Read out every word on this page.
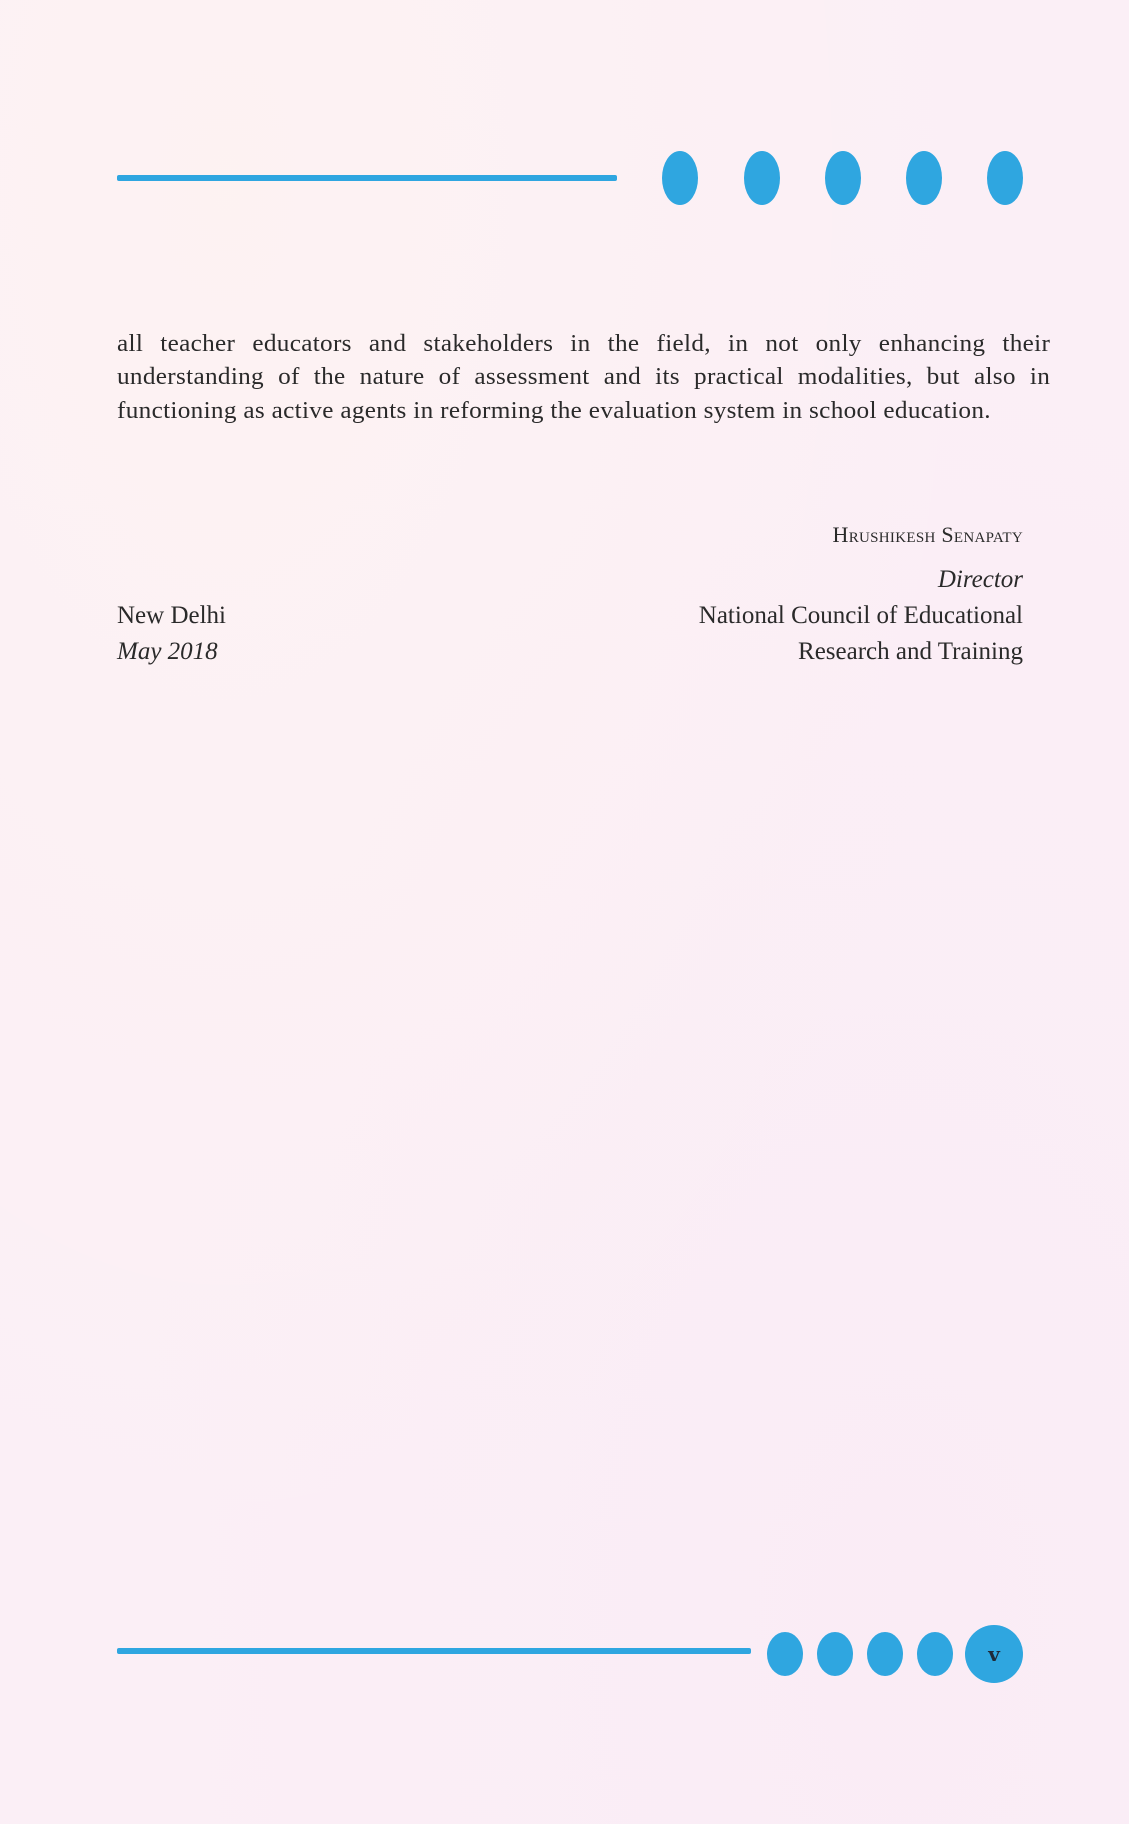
all teacher educators and stakeholders in the field, in not only enhancing their understanding of the nature of assessment and its practical modalities, but also in functioning as active agents in reforming the evaluation system in school education.
Hrushikesh Senapaty
Director
National Council of Educational
Research and Training
New Delhi
May 2018
v
